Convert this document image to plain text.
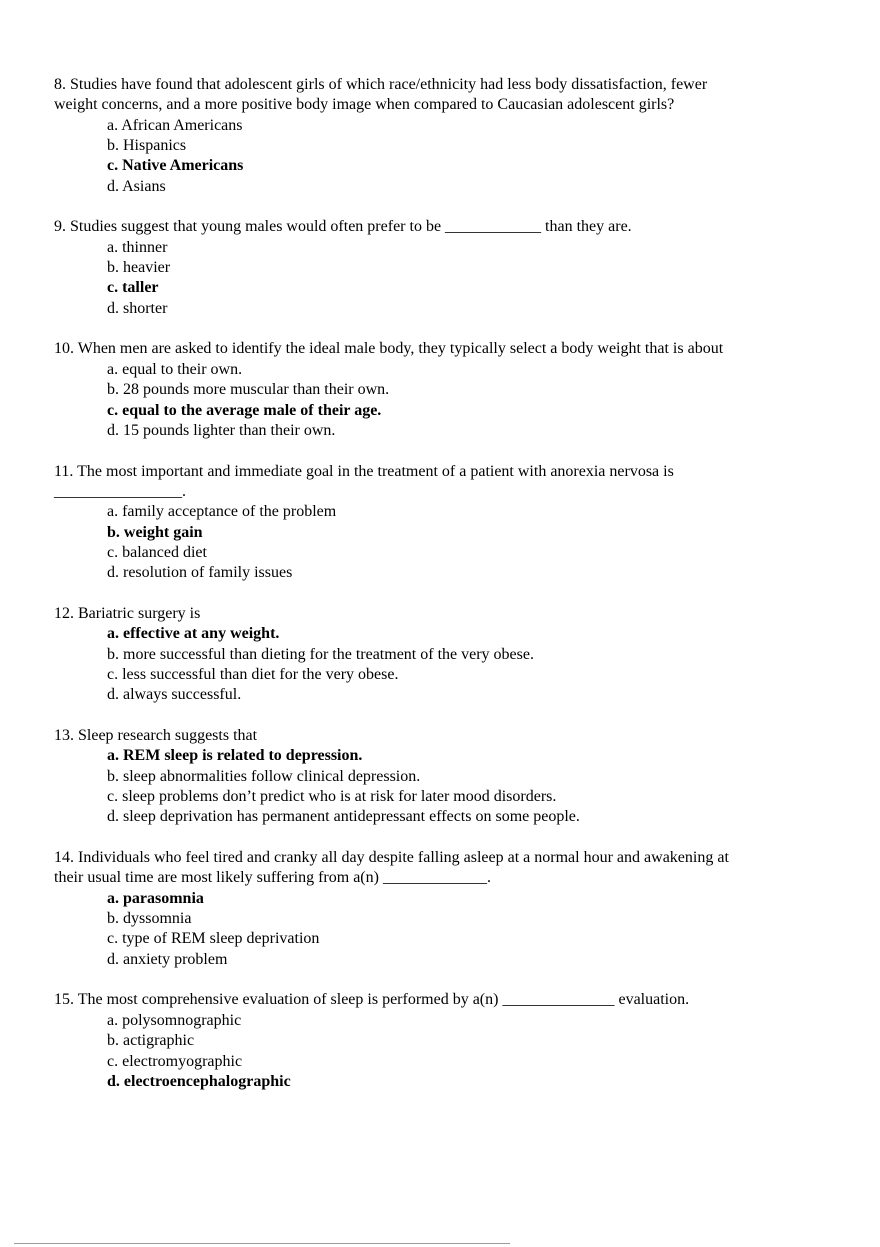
8. Studies have found that adolescent girls of which race/ethnicity had less body dissatisfaction, fewer
weight concerns, and a more positive body image when compared to Caucasian adolescent girls?
a. African Americans
b. Hispanics
c. Native Americans
d. Asians
9. Studies suggest that young males would often prefer to be ____________ than they are.
a. thinner
b. heavier
c. taller
d. shorter
10. When men are asked to identify the ideal male body, they typically select a body weight that is about
a. equal to their own.
b. 28 pounds more muscular than their own.
c. equal to the average male of their age.
d. 15 pounds lighter than their own.
11. The most important and immediate goal in the treatment of a patient with anorexia nervosa is
________________.
a. family acceptance of the problem
b. weight gain
c. balanced diet
d. resolution of family issues
12. Bariatric surgery is
a. effective at any weight.
b. more successful than dieting for the treatment of the very obese.
c. less successful than diet for the very obese.
d. always successful.
13. Sleep research suggests that
a. REM sleep is related to depression.
b. sleep abnormalities follow clinical depression.
c. sleep problems don’t predict who is at risk for later mood disorders.
d. sleep deprivation has permanent antidepressant effects on some people.
14. Individuals who feel tired and cranky all day despite falling asleep at a normal hour and awakening at
their usual time are most likely suffering from a(n) _____________.
a. parasomnia
b. dyssomnia
c. type of REM sleep deprivation
d. anxiety problem
15. The most comprehensive evaluation of sleep is performed by a(n) ______________ evaluation.
a. polysomnographic
b. actigraphic
c. electromyographic
d. electroencephalographic
